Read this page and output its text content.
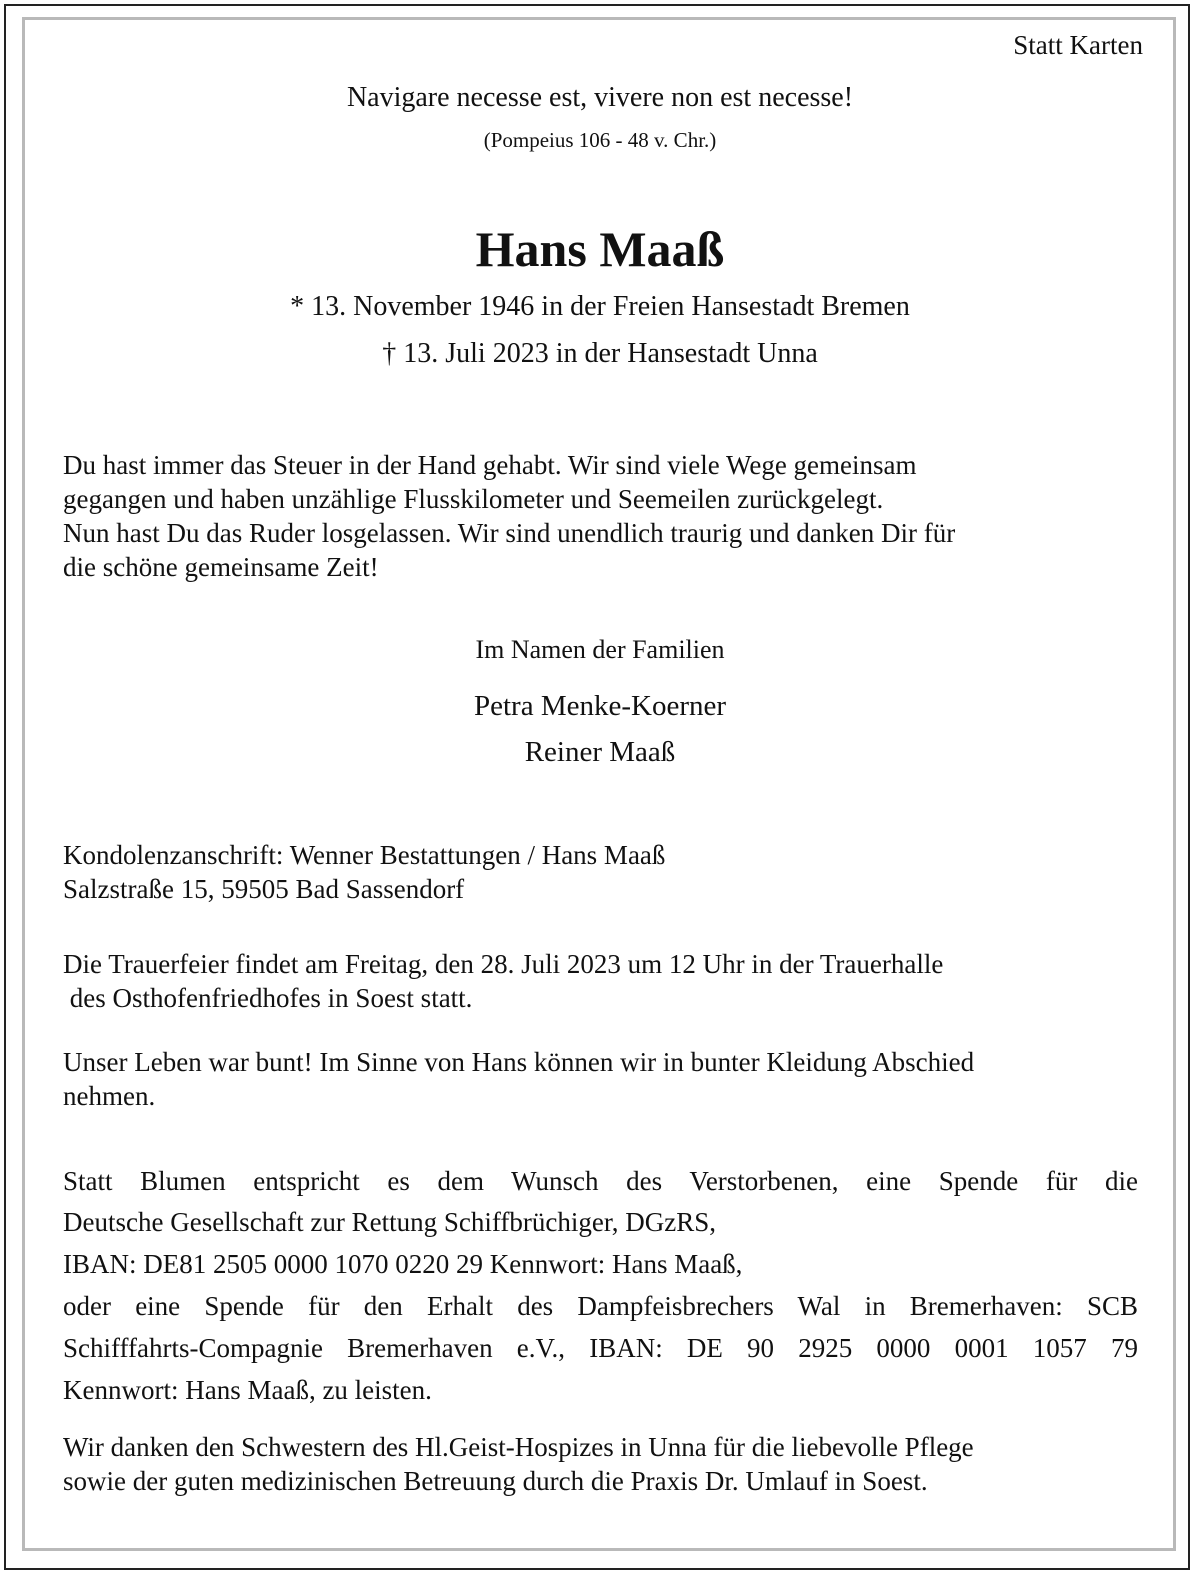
Statt Karten
Navigare necesse est, vivere non est necesse!
(Pompeius 106 - 48 v. Chr.)
Hans Maaß
* 13. November 1946 in der Freien Hansestadt Bremen
† 13. Juli 2023 in der Hansestadt Unna
Du hast immer das Steuer in der Hand gehabt. Wir sind viele Wege gemeinsam
gegangen und haben unzählige Flusskilometer und Seemeilen zurückgelegt.
Nun hast Du das Ruder losgelassen. Wir sind unendlich traurig und danken Dir für
die schöne gemeinsame Zeit!
Im Namen der Familien
Petra Menke-Koerner
Reiner Maaß
Kondolenzanschrift: Wenner Bestattungen / Hans Maaß
Salzstraße 15, 59505 Bad Sassendorf
Die Trauerfeier findet am Freitag, den 28. Juli 2023 um 12 Uhr in der Trauerhalle
des Osthofenfriedhofes in Soest statt.
Unser Leben war bunt! Im Sinne von Hans können wir in bunter Kleidung Abschied
nehmen.
Statt Blumen entspricht es dem Wunsch des Verstorbenen, eine Spende für die
Deutsche Gesellschaft zur Rettung Schiffbrüchiger, DGzRS,
IBAN: DE81 2505 0000 1070 0220 29 Kennwort: Hans Maaß,
oder eine Spende für den Erhalt des Dampfeisbrechers Wal in Bremerhaven: SCB
Schifffahrts-Compagnie Bremerhaven e.V., IBAN: DE 90 2925 0000 0001 1057 79
Kennwort: Hans Maaß, zu leisten.
Wir danken den Schwestern des Hl.Geist-Hospizes in Unna für die liebevolle Pflege
sowie der guten medizinischen Betreuung durch die Praxis Dr. Umlauf in Soest.
